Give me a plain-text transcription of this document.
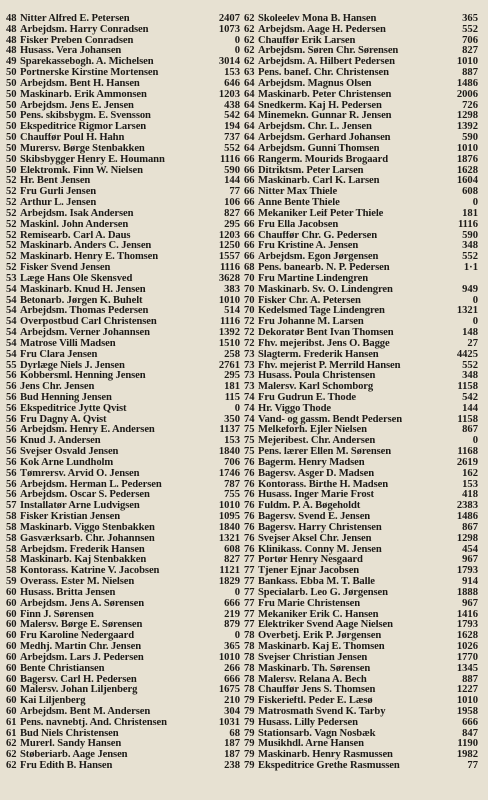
48 Nitter Alfred E. Petersen	2407
48 Arbejdsm. Harry Conradsen	1073
48 Fisker Preben Conradsen	0
48 Husass. Vera Johansen	0
49 Sparekassebogh. A. Michelsen	3014
50 Portnerske Kirstine Mortensen	153
50 Arbejdsm. Bent H. Hansen	646
50 Maskinarb. Erik Ammonsen	1203
50 Arbejdsm. Jens E. Jensen	438
50 Pens. skibsbygm. E. Svensson	542
50 Ekspeditrice Rigmor Larsen	194
50 Chauffør Poul H. Hahn	737
50 Murersv. Børge Stenbakken	552
50 Skibsbygger Henry E. Houmann	1116
50 Elektromk. Finn W. Nielsen	590
52 Hr. Bent Jensen	144
52 Fru Gurli Jensen	77
52 Arthur L. Jensen	106
52 Arbejdsm. Isak Andersen	827
52 Maskinl. John Andersen	295
52 Remisearb. Carl A. Daus	1203
52 Maskinarb. Anders C. Jensen	1250
52 Maskinarb. Henry E. Thomsen	1557
52 Fisker Svend Jensen	1116
53 Læge Hans Ole Skensved	3628
54 Maskinarb. Knud H. Jensen	383
54 Betonarb. Jørgen K. Buhelt	1010
54 Arbejdsm. Thomas Pedersen	514
54 Overpostbud Carl Christensen	1116
54 Arbejdsm. Verner Johannsen	1392
54 Matrose Villi Madsen	1510
54 Fru Clara Jensen	258
55 Dyrlæge Niels J. Jensen	2761
56 Kobbersml. Henning Jensen	295
56 Jens Chr. Jensen	181
56 Bud Henning Jensen	115
56 Ekspeditrice Jytte Qvist	0
56 Fru Dagny A. Qvist	350
56 Arbejdsm. Henry E. Andersen	1137
56 Knud J. Andersen	153
56 Svejser Osvald Jensen	1840
56 Kok Arne Lundholm	706
56 Tømrersv. Arvid O. Jensen	1746
56 Arbejdsm. Herman L. Pedersen	787
56 Arbejdsm. Oscar S. Pedersen	755
57 Installatør Arne Ludvigsen	1010
58 Fisker Kristian Jensen	1095
58 Maskinarb. Viggo Stenbakken	1840
58 Gasværksarb. Chr. Johannsen	1321
58 Arbejdsm. Frederik Hansen	608
58 Maskinarb. Kaj Stenbakken	827
58 Kontorass. Katrine V. Jacobsen	1121
59 Overass. Ester M. Nielsen	1829
60 Husass. Britta Jensen	0
60 Arbejdsm. Jens A. Sørensen	666
60 Finn J. Sørensen	219
60 Malersv. Børge E. Sørensen	879
60 Fru Karoline Nedergaard	0
60 Medhj. Martin Chr. Jensen	365
60 Arbejdsm. Lars J. Pedersen	1010
60 Bente Christiansen	266
60 Bagersv. Carl H. Pedersen	666
60 Malersv. Johan Liljenberg	1675
60 Kai Liljenberg	210
60 Arbejdsm. Bent M. Andersen	304
61 Pens. navnebtj. And. Christensen	1031
61 Bud Niels Christensen	68
62 Murerl. Sandy Hansen	187
62 Støberiarb. Aage Jensen	187
62 Fru Edith B. Hansen	238
62 Skoleelev Mona B. Hansen	365
62 Arbejdsm. Aage H. Pedersen	552
62 Chauffør Erik Larsen	706
62 Arbejdsm. Søren Chr. Sørensen	827
62 Arbejdsm. A. Hilbert Pedersen	1010
63 Pens. banef. Chr. Christensen	887
64 Arbejdsm. Magnus Olsen	1486
64 Maskinarb. Peter Christensen	2006
64 Snedkerm. Kaj H. Pedersen	726
64 Minemekn. Gunnar R. Jensen	1298
64 Arbejdsm. Chr. L. Jensen	1392
64 Arbejdsm. Gerhard Johansen	590
64 Arbejdsm. Gunni Thomsen	1010
66 Rangerm. Mourids Brogaard	1876
66 Ditriktsm. Peter Larsen	1628
66 Maskinarb. Carl K. Larsen	1604
66 Nitter Max Thiele	608
66 Anne Bente Thiele	0
66 Mekaniker Leif Peter Thiele	181
66 Fru Ella Jacobsen	1116
66 Chauffør Chr. G. Pedersen	590
66 Fru Kristine A. Jensen	348
66 Arbejdsm. Egon Jørgensen	552
68 Pens. banearb. N. P. Pedersen	1·1
70 Fru Martine Lindengren
70 Maskinarb. Sv. O. Lindengren	949
70 Fisker Chr. A. Petersen	0
70 Kedelsmed Tage Lindengren	1321
72 Fru Johanne M. Larsen	0
72 Dekoratør Bent Ivan Thomsen	148
72 Fhv. mejeribst. Jens O. Bagge	27
73 Slagterm. Frederik Hansen	4425
73 Fhv. mejerist P. Merrild Hansen	552
73 Husass. Poula Christensen	348
73 Malersv. Karl Schomborg	1158
74 Fru Gudrun E. Thode	542
74 Hr. Viggo Thode	144
74 Vand- og gassm. Bendt Pedersen	1158
75 Melkeforh. Ejler Nielsen	867
75 Mejeribest. Chr. Andersen	0
75 Pens. lærer Ellen M. Sørensen	1168
76 Bagerm. Henry Madsen	2619
76 Bagersv. Asger D. Madsen	162
76 Kontorass. Birthe H. Madsen	153
76 Husass. Inger Marie Frost	418
76 Fuldm. P. A. Bøgeholdt	2383
76 Bagersv. Svend E. Jensen	1486
76 Bagersv. Harry Christensen	867
76 Svejser Aksel Chr. Jensen	1298
76 Klinikass. Conny M. Jensen	454
77 Portør Henry Nesgaard	967
77 Tjener Ejnar Jacobsen	1793
77 Bankass. Ebba M. T. Balle	914
77 Specialarb. Leo G. Jørgensen	1888
77 Fru Marie Christensen	967
77 Mekaniker Erik C. Hansen	1416
77 Elektriker Svend Aage Nielsen	1793
78 Overbetj. Erik P. Jørgensen	1628
78 Maskinarb. Kaj E. Thomsen	1026
78 Svejser Christian Jensen	1770
78 Maskinarb. Th. Sørensen	1345
78 Malersv. Relana A. Bech	887
78 Chauffør Jens S. Thomsen	1227
79 Fiskerieftl. Peder E. Læsø	1010
79 Matrosmath Svend K. Tarby	1958
79 Husass. Lilly Pedersen	666
79 Stationsarb. Vagn Nosbæk	847
79 Musikhdl. Arne Hansen	1190
79 Maskinarb. Henry Rasmussen	1982
79 Ekspeditrice Grethe Rasmussen	77
